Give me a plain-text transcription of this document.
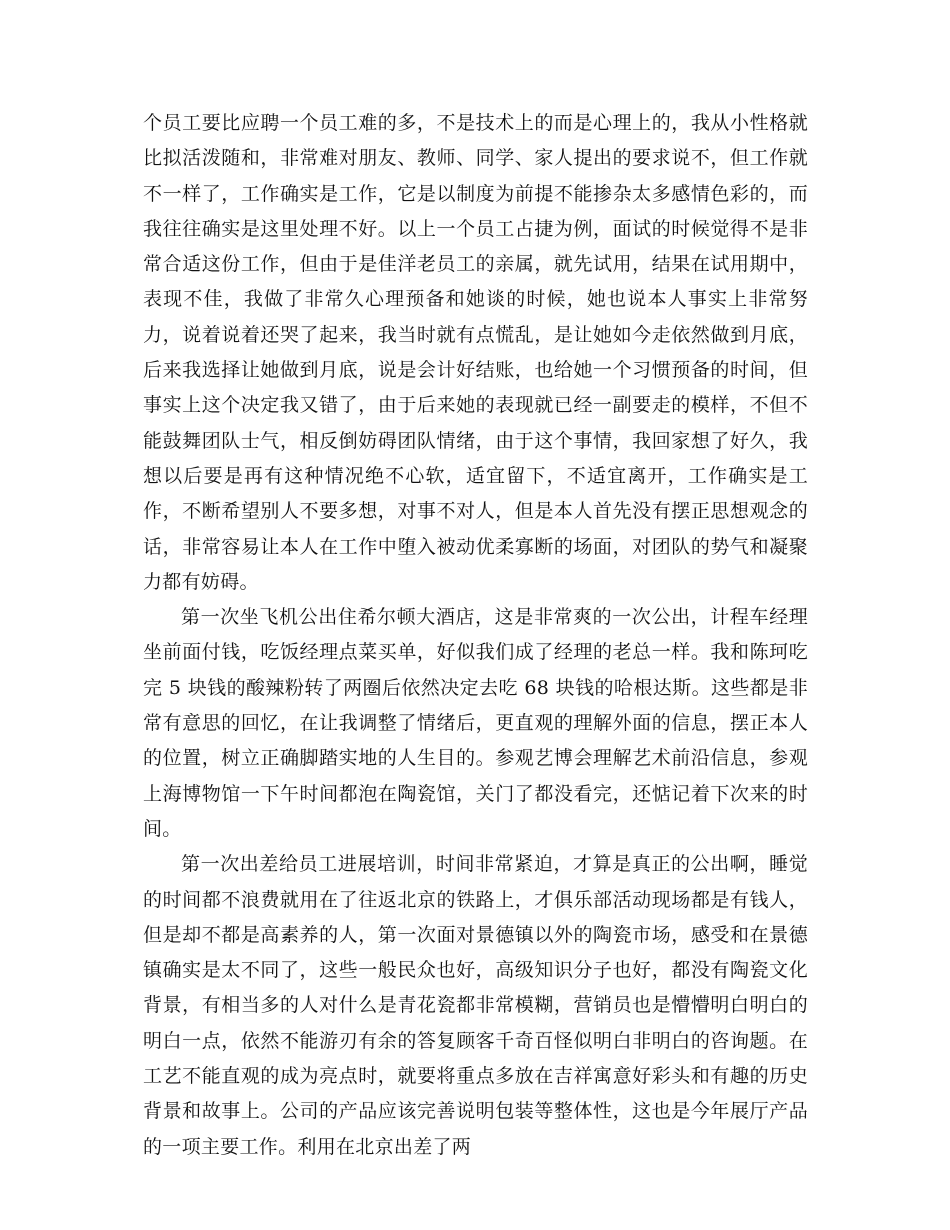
个员工要比应聘一个员工难的多，不是技术上的而是心理上的，我从小性格就比拟活泼随和，非常难对朋友、教师、同学、家人提出的要求说不，但工作就不一样了，工作确实是工作，它是以制度为前提不能掺杂太多感情色彩的，而我往往确实是这里处理不好。以上一个员工占捷为例，面试的时候觉得不是非常合适这份工作，但由于是佳洋老员工的亲属，就先试用，结果在试用期中，表现不佳，我做了非常久心理预备和她谈的时候，她也说本人事实上非常努力，说着说着还哭了起来，我当时就有点慌乱，是让她如今走依然做到月底，后来我选择让她做到月底，说是会计好结账，也给她一个习惯预备的时间，但事实上这个决定我又错了，由于后来她的表现就已经一副要走的模样，不但不能鼓舞团队士气，相反倒妨碍团队情绪，由于这个事情，我回家想了好久，我想以后要是再有这种情况绝不心软，适宜留下，不适宜离开，工作确实是工作，不断希望别人不要多想，对事不对人，但是本人首先没有摆正思想观念的话，非常容易让本人在工作中堕入被动优柔寡断的场面，对团队的势气和凝聚力都有妨碍。

第一次坐飞机公出住希尔顿大酒店，这是非常爽的一次公出，计程车经理坐前面付钱，吃饭经理点菜买单，好似我们成了经理的老总一样。我和陈珂吃完 5 块钱的酸辣粉转了两圈后依然决定去吃 68 块钱的哈根达斯。这些都是非常有意思的回忆，在让我调整了情绪后，更直观的理解外面的信息，摆正本人的位置，树立正确脚踏实地的人生目的。参观艺博会理解艺术前沿信息，参观上海博物馆一下午时间都泡在陶瓷馆，关门了都没看完，还惦记着下次来的时间。

第一次出差给员工进展培训，时间非常紧迫，才算是真正的公出啊，睡觉的时间都不浪费就用在了往返北京的铁路上，才俱乐部活动现场都是有钱人，但是却不都是高素养的人，第一次面对景德镇以外的陶瓷市场，感受和在景德镇确实是太不同了，这些一般民众也好，高级知识分子也好，都没有陶瓷文化背景，有相当多的人对什么是青花瓷都非常模糊，营销员也是懵懵明白明白的明白一点，依然不能游刃有余的答复顾客千奇百怪似明白非明白的咨询题。在工艺不能直观的成为亮点时，就要将重点多放在吉祥寓意好彩头和有趣的历史背景和故事上。公司的产品应该完善说明包装等整体性，这也是今年展厅产品的一项主要工作。利用在北京出差了两
